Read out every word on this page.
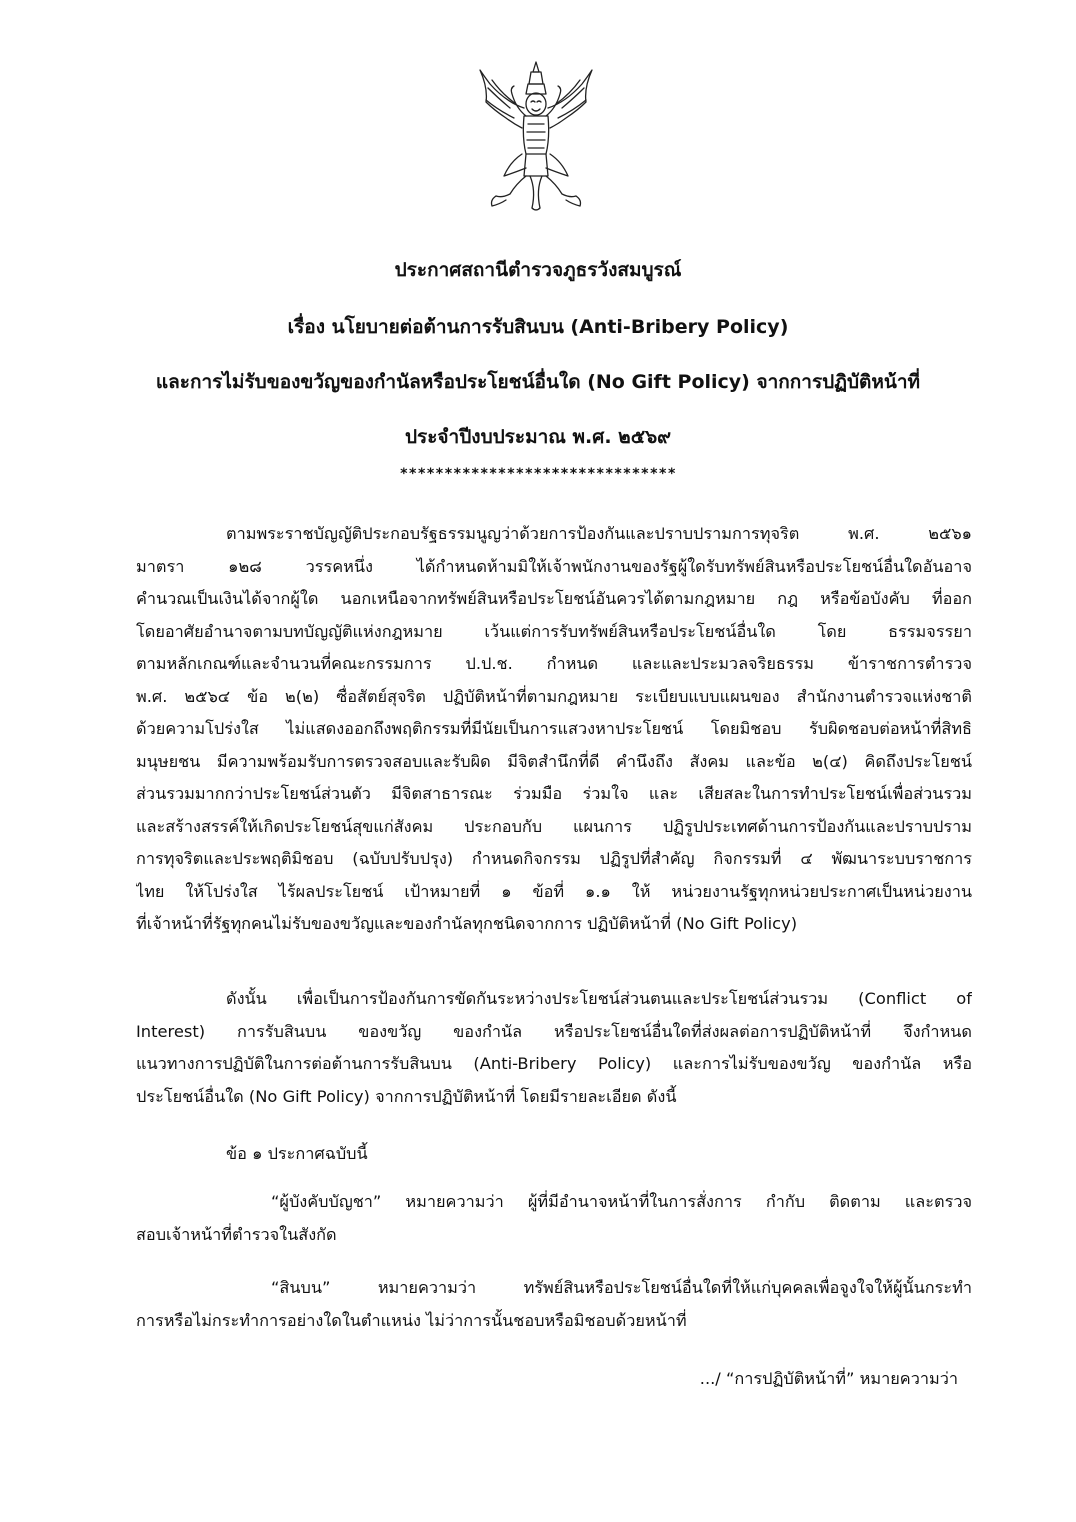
ประกาศสถานีตำรวจภูธรวังสมบูรณ์
เรื่อง นโยบายต่อต้านการรับสินบน (Anti-Bribery Policy)
และการไม่รับของขวัญของกำนัลหรือประโยชน์อื่นใด (No Gift Policy) จากการปฏิบัติหน้าที่
ประจำปีงบประมาณ พ.ศ. ๒๕๖๙
*******************************
ตามพระราชบัญญัติประกอบรัฐธรรมนูญว่าด้วยการป้องกันและปราบปรามการทุจริต พ.ศ. ๒๕๖๑
มาตรา ๑๒๘ วรรคหนึ่ง ได้กำหนดห้ามมิให้เจ้าพนักงานของรัฐผู้ใดรับทรัพย์สินหรือประโยชน์อื่นใดอันอาจ
คำนวณเป็นเงินได้จากผู้ใด นอกเหนือจากทรัพย์สินหรือประโยชน์อันควรได้ตามกฎหมาย กฎ หรือข้อบังคับ ที่ออก
โดยอาศัยอำนาจตามบทบัญญัติแห่งกฎหมาย เว้นแต่การรับทรัพย์สินหรือประโยชน์อื่นใด โดย ธรรมจรรยา
ตามหลักเกณฑ์และจำนวนที่คณะกรรมการ ป.ป.ช. กำหนด และและประมวลจริยธรรม ข้าราชการตำรวจ
พ.ศ. ๒๕๖๔ ข้อ ๒(๒) ซื่อสัตย์สุจริต ปฏิบัติหน้าที่ตามกฎหมาย ระเบียบแบบแผนของ สำนักงานตำรวจแห่งชาติ
ด้วยความโปร่งใส ไม่แสดงออกถึงพฤติกรรมที่มีนัยเป็นการแสวงหาประโยชน์ โดยมิชอบ รับผิดชอบต่อหน้าที่สิทธิ
มนุษยชน มีความพร้อมรับการตรวจสอบและรับผิด มีจิตสำนึกที่ดี คำนึงถึง สังคม และข้อ ๒(๔) คิดถึงประโยชน์
ส่วนรวมมากกว่าประโยชน์ส่วนตัว มีจิตสาธารณะ ร่วมมือ ร่วมใจ และ เสียสละในการทำประโยชน์เพื่อส่วนรวม
และสร้างสรรค์ให้เกิดประโยชน์สุขแก่สังคม ประกอบกับ แผนการ ปฏิรูปประเทศด้านการป้องกันและปราบปราม
การทุจริตและประพฤติมิชอบ (ฉบับปรับปรุง) กำหนดกิจกรรม ปฏิรูปที่สำคัญ กิจกรรมที่ ๔ พัฒนาระบบราชการ
ไทย ให้โปร่งใส ไร้ผลประโยชน์ เป้าหมายที่ ๑ ข้อที่ ๑.๑ ให้ หน่วยงานรัฐทุกหน่วยประกาศเป็นหน่วยงาน
ที่เจ้าหน้าที่รัฐทุกคนไม่รับของขวัญและของกำนัลทุกชนิดจากการ ปฏิบัติหน้าที่ (No Gift Policy)
ดังนั้น เพื่อเป็นการป้องกันการขัดกันระหว่างประโยชน์ส่วนตนและประโยชน์ส่วนรวม (Conflict of
Interest) การรับสินบน ของขวัญ ของกำนัล หรือประโยชน์อื่นใดที่ส่งผลต่อการปฏิบัติหน้าที่ จึงกำหนด
แนวทางการปฏิบัติในการต่อต้านการรับสินบน (Anti-Bribery Policy) และการไม่รับของขวัญ ของกำนัล หรือ
ประโยชน์อื่นใด (No Gift Policy) จากการปฏิบัติหน้าที่ โดยมีรายละเอียด ดังนี้
ข้อ ๑ ประกาศฉบับนี้
“ผู้บังคับบัญชา” หมายความว่า ผู้ที่มีอำนาจหน้าที่ในการสั่งการ กำกับ ติดตาม และตรวจ
สอบเจ้าหน้าที่ตำรวจในสังกัด
“สินบน” หมายความว่า ทรัพย์สินหรือประโยชน์อื่นใดที่ให้แก่บุคคลเพื่อจูงใจให้ผู้นั้นกระทำ
การหรือไม่กระทำการอย่างใดในตำแหน่ง ไม่ว่าการนั้นชอบหรือมิชอบด้วยหน้าที่
.../ “การปฏิบัติหน้าที่” หมายความว่า
